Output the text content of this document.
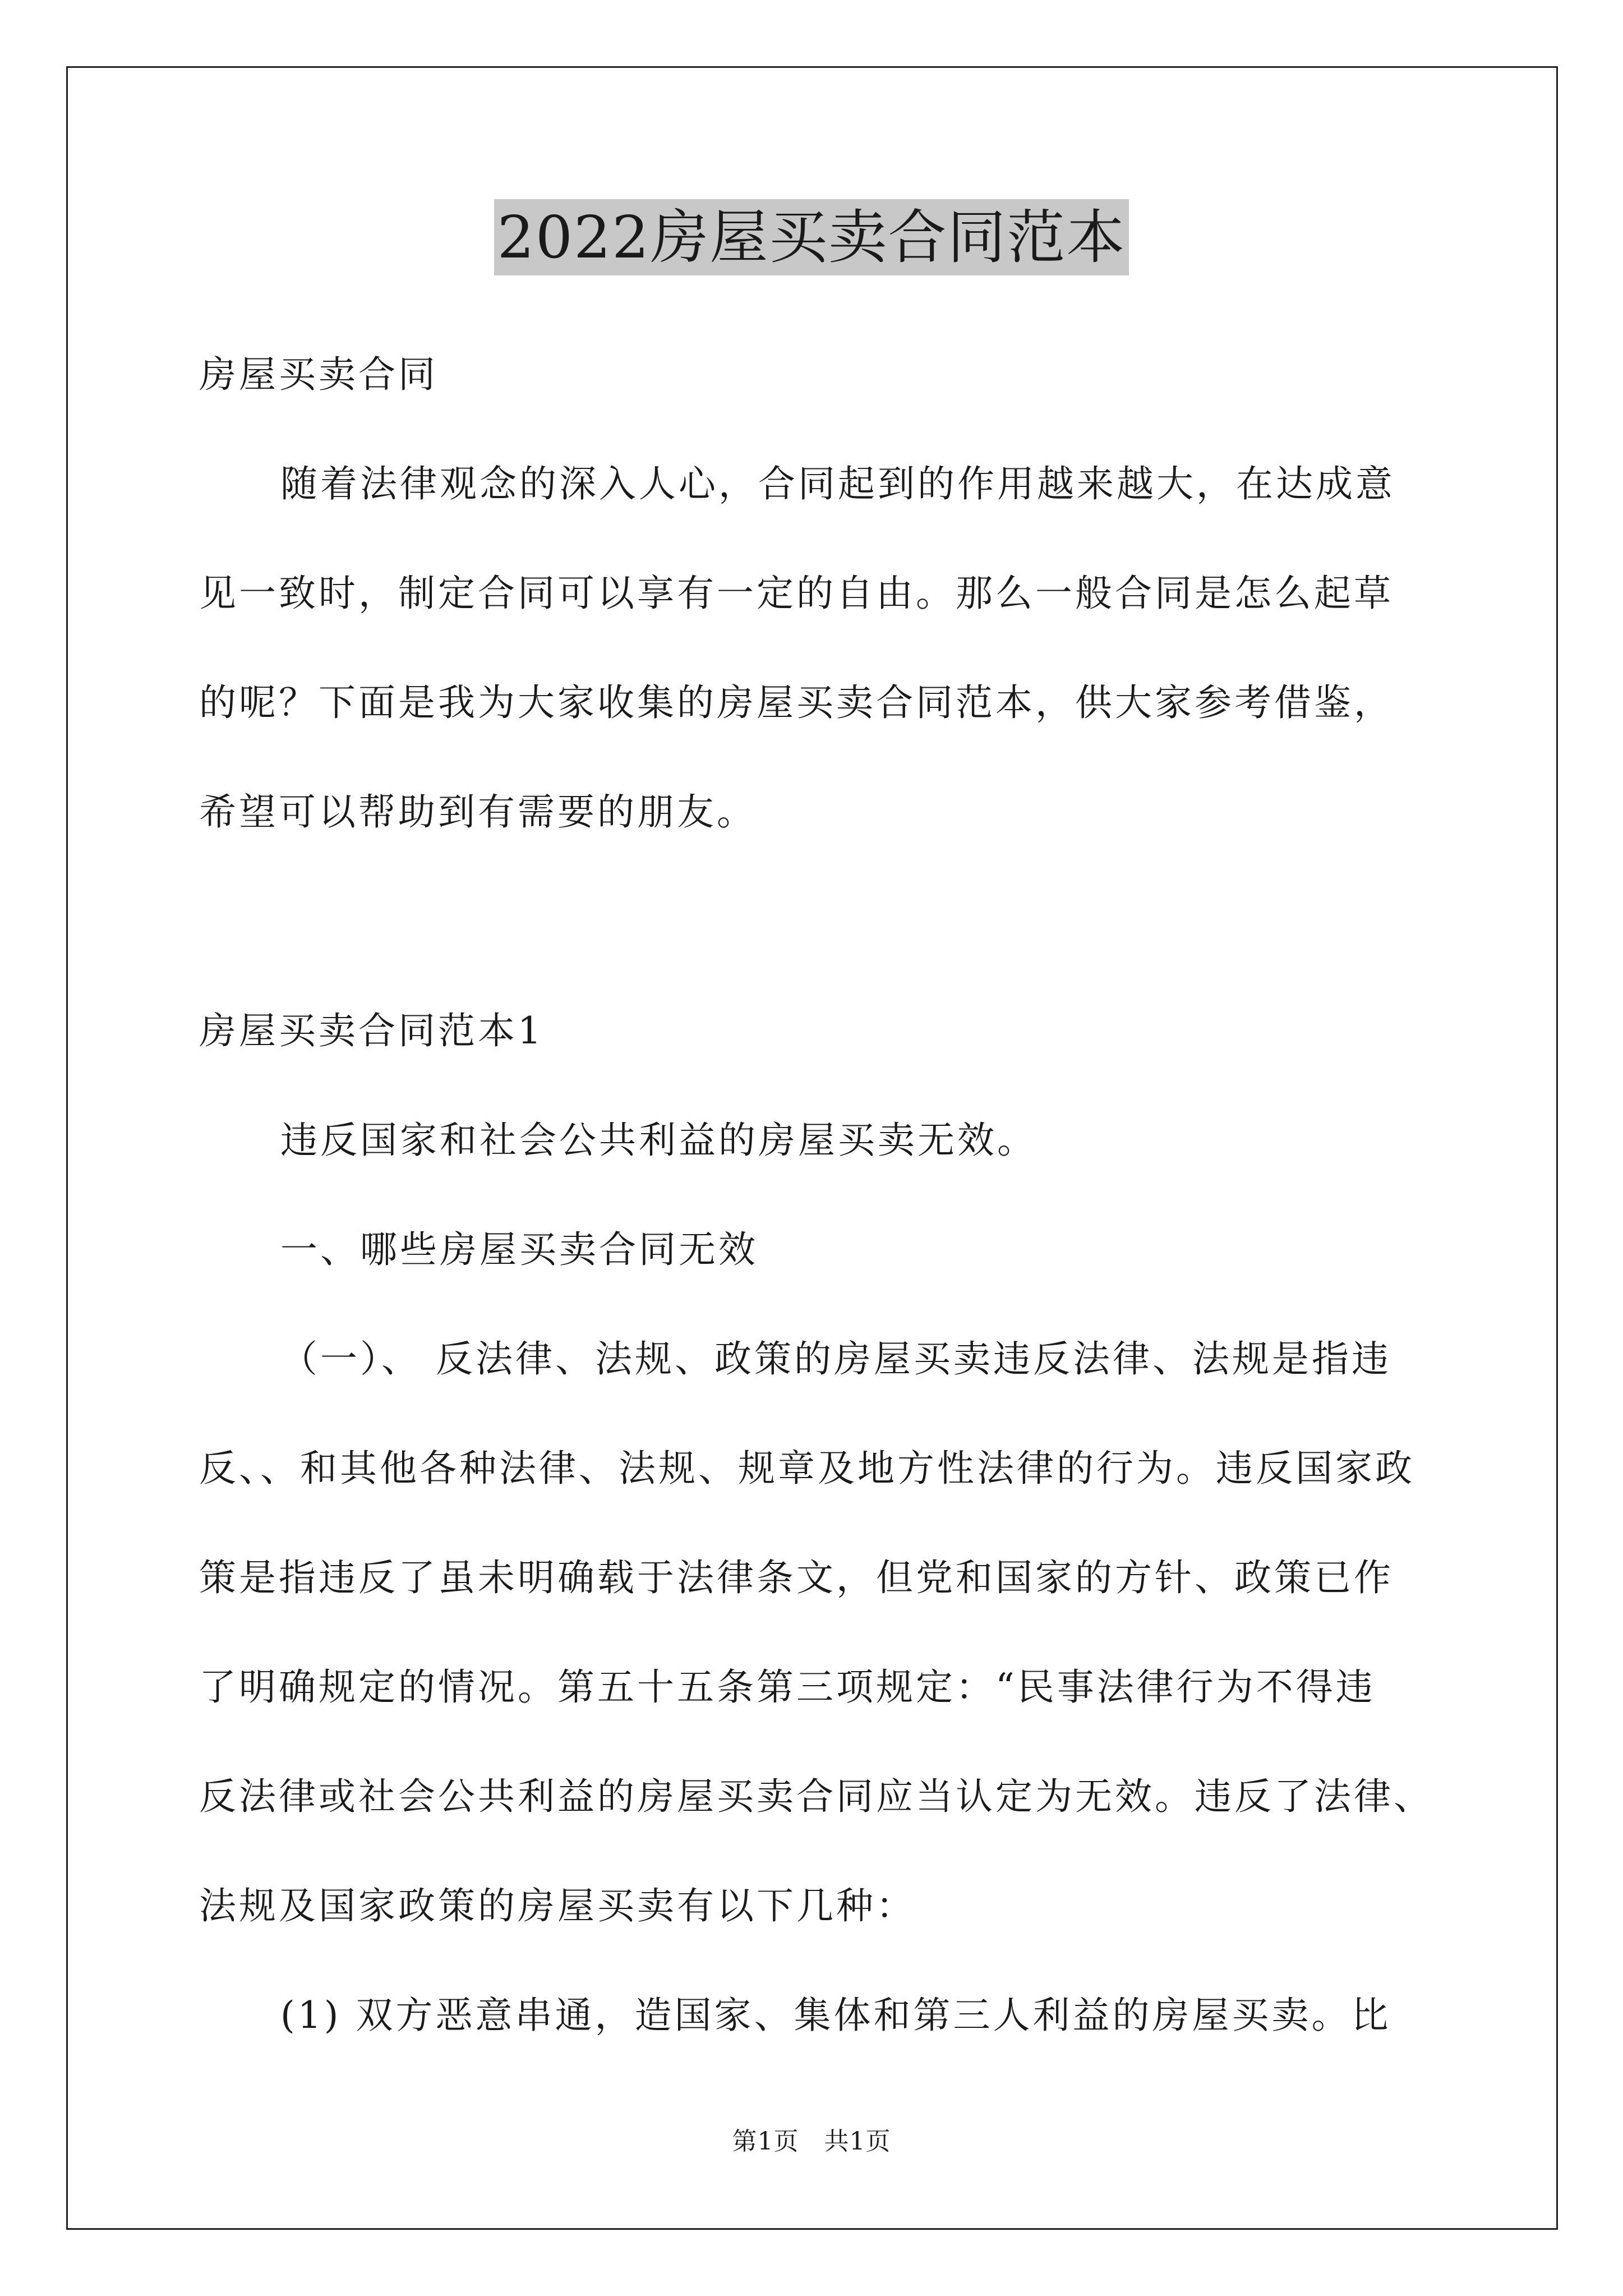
2022房屋买卖合同范本
房屋买卖合同
随着法律观念的深入人心，合同起到的作用越来越大，在达成意
见一致时，制定合同可以享有一定的自由。那么一般合同是怎么起草
的呢？下面是我为大家收集的房屋买卖合同范本，供大家参考借鉴，
希望可以帮助到有需要的朋友。
房屋买卖合同范本1
违反国家和社会公共利益的房屋买卖无效。
一、哪些房屋买卖合同无效
（一）、 反法律、法规、政策的房屋买卖违反法律、法规是指违
反、、和其他各种法律、法规、规章及地方性法律的行为。违反国家政
策是指违反了虽未明确载于法律条文，但党和国家的方针、政策已作
了明确规定的情况。第五十五条第三项规定：“民事法律行为不得违
反法律或社会公共利益的房屋买卖合同应当认定为无效。违反了法律、
法规及国家政策的房屋买卖有以下几种：
(1) 双方恶意串通，造国家、集体和第三人利益的房屋买卖。比
第1页　共1页
